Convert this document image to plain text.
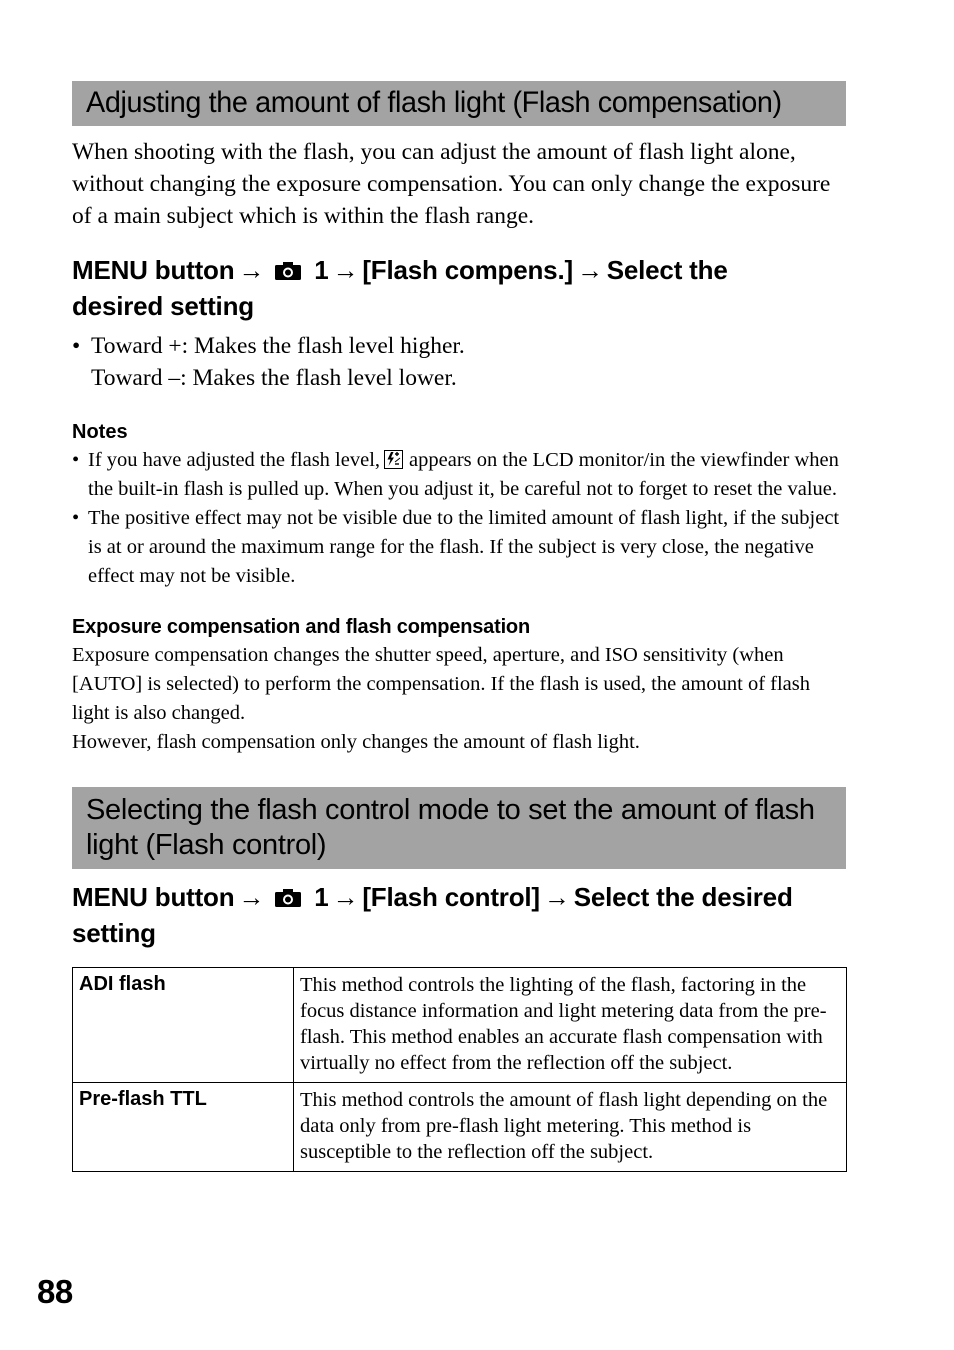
Adjusting the amount of flash light (Flash compensation)

When shooting with the flash, you can adjust the amount of flash light alone, without changing the exposure compensation. You can only change the exposure of a main subject which is within the flash range.

MENU button → 1 → [Flash compens.] → Select the
desired setting
• Toward +: Makes the flash level higher.
Toward –: Makes the flash level lower.
Notes
• If you have adjusted the flash level, appears on the LCD monitor/in the viewfinder when the built-in flash is pulled up. When you adjust it, be careful not to forget to reset the value.
• The positive effect may not be visible due to the limited amount of flash light, if the subject is at or around the maximum range for the flash. If the subject is very close, the negative effect may not be visible.
Exposure compensation and flash compensation

Exposure compensation changes the shutter speed, aperture, and ISO sensitivity (when [AUTO] is selected) to perform the compensation. If the flash is used, the amount of flash light is also changed.

However, flash compensation only changes the amount of flash light.

Selecting the flash control mode to set the amount of flash light (Flash control)
MENU button → 1 → [Flash control] → Select the desired setting
ADI flash	This method controls the lighting of the flash, factoring in the focus distance information and light metering data from the pre-flash. This method enables an accurate flash compensation with virtually no effect from the reflection off the subject.
Pre-flash TTL	This method controls the amount of flash light depending on the data only from pre-flash light metering. This method is susceptible to the reflection off the subject.
88
